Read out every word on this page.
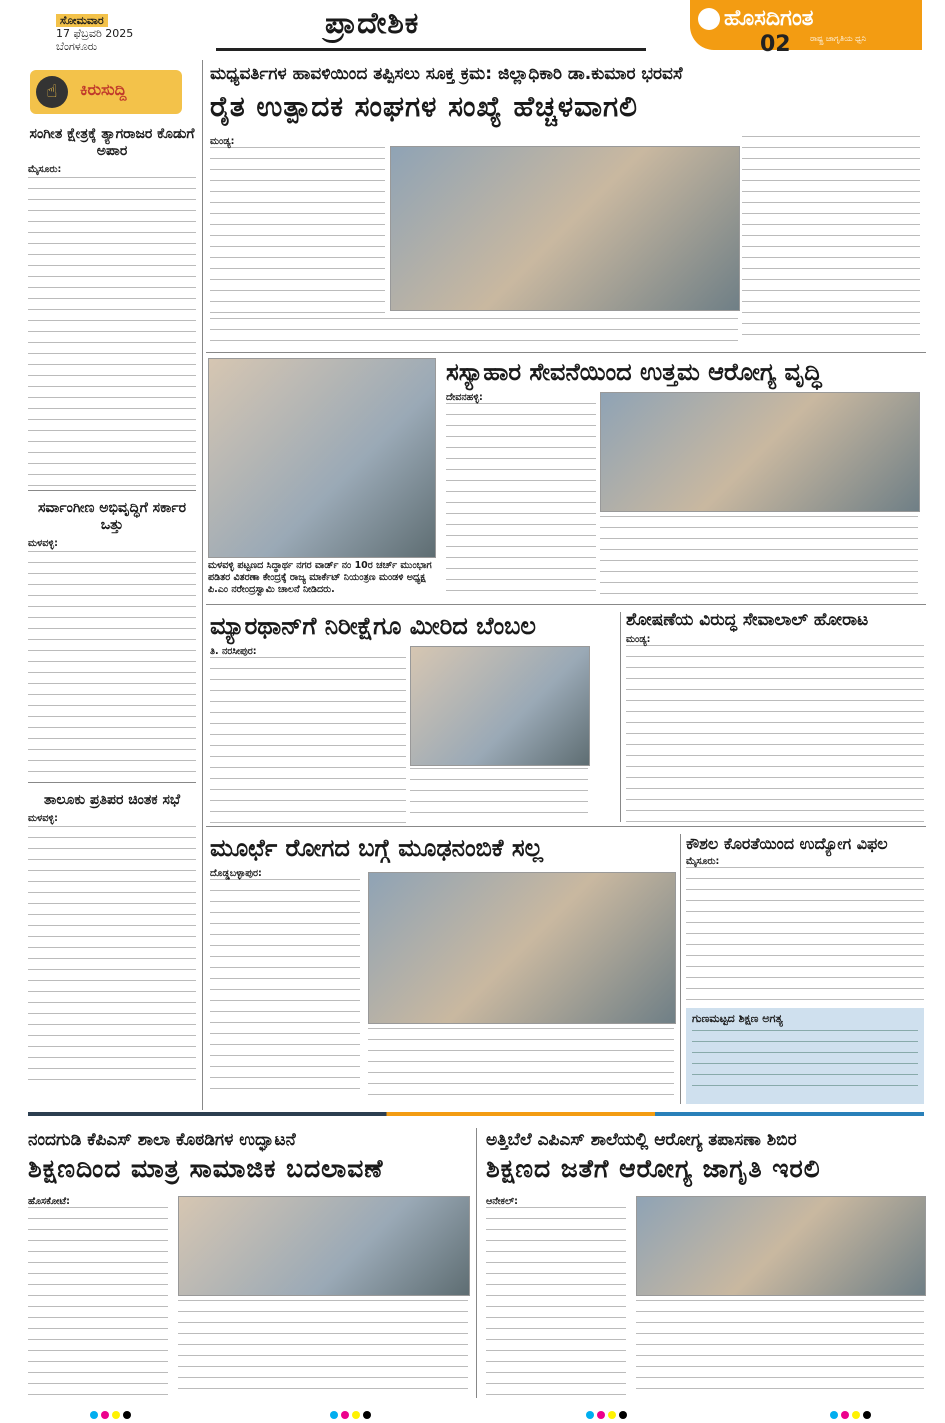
ಸೋಮವಾರ
17 ಫೆಬ್ರವರಿ 2025
ಬೆಂಗಳೂರು
ಪ್ರಾದೇಶಿಕ	ಹೊಸದಿಗಂತ
ರಾಷ್ಟ್ರ ಜಾಗೃತಿಯ ಧ್ವನಿ
02
☝	ಕಿರುಸುದ್ದಿ
ಸಂಗೀತ ಕ್ಷೇತ್ರಕ್ಕೆ ತ್ಯಾಗರಾಜರ ಕೊಡುಗೆ ಅಪಾರ
ಮೈಸೂರು:
ಸರ್ವಾಂಗೀಣ ಅಭಿವೃದ್ಧಿಗೆ ಸರ್ಕಾರ ಒತ್ತು
ಮಳವಳ್ಳಿ:
ತಾಲೂಕು ಪ್ರತಿಪರ ಚಿಂತಕ ಸಭೆ
ಮಳವಳ್ಳಿ:
ಮಧ್ಯವರ್ತಿಗಳ ಹಾವಳಿಯಿಂದ ತಪ್ಪಿಸಲು ಸೂಕ್ತ ಕ್ರಮ: ಜಿಲ್ಲಾಧಿಕಾರಿ ಡಾ.ಕುಮಾರ ಭರವಸೆ
ರೈತ ಉತ್ಪಾದಕ ಸಂಘಗಳ ಸಂಖ್ಯೆ ಹೆಚ್ಚಳವಾಗಲಿ
ಮಂಡ್ಯ:
ಮಳವಳ್ಳಿ ಪಟ್ಟಣದ ಸಿದ್ಧಾರ್ಥ ನಗರ ವಾರ್ಡ್ ನಂ 10ರ ಚರ್ಚ್ ಮುಂಭಾಗ ಪಡಿತರ ವಿತರಣಾ ಕೇಂದ್ರಕ್ಕೆ ರಾಜ್ಯ ಮಾರ್ಕೆಟ್ ನಿಯಂತ್ರಣ ಮಂಡಳಿ ಅಧ್ಯಕ್ಷ ಪಿ.ಎಂ ನರೇಂದ್ರಸ್ವಾಮಿ ಚಾಲನೆ ನೀಡಿದರು.
ಸಸ್ಯಾಹಾರ ಸೇವನೆಯಿಂದ ಉತ್ತಮ ಆರೋಗ್ಯ ವೃದ್ಧಿ
ದೇವನಹಳ್ಳಿ:
ಮ್ಯಾರಥಾನ್‌ಗೆ ನಿರೀಕ್ಷೆಗೂ ಮೀರಿದ ಬೆಂಬಲ
ತಿ. ನರಸೀಪುರ:
ಶೋಷಣೆಯ ವಿರುದ್ಧ ಸೇವಾಲಾಲ್ ಹೋರಾಟ
ಮಂಡ್ಯ:
ಮೂರ್ಛೆ ರೋಗದ ಬಗ್ಗೆ ಮೂಢನಂಬಿಕೆ ಸಲ್ಲ
ದೊಡ್ಡಬಳ್ಳಾಪುರ:
ಕೌಶಲ ಕೊರತೆಯಿಂದ ಉದ್ಯೋಗ ವಿಫಲ
ಮೈಸೂರು:
ಗುಣಮಟ್ಟದ ಶಿಕ್ಷಣ ಅಗತ್ಯ
ನಂದಗುಡಿ ಕೆಪಿಎಸ್ ಶಾಲಾ ಕೊಠಡಿಗಳ ಉದ್ಘಾಟನೆ
ಶಿಕ್ಷಣದಿಂದ ಮಾತ್ರ ಸಾಮಾಜಿಕ ಬದಲಾವಣೆ
ಹೊಸಕೋಟೆ:
ಅತ್ತಿಬೆಲೆ ಎಪಿಎಸ್ ಶಾಲೆಯಲ್ಲಿ ಆರೋಗ್ಯ ತಪಾಸಣಾ ಶಿಬಿರ
ಶಿಕ್ಷಣದ ಜತೆಗೆ ಆರೋಗ್ಯ ಜಾಗೃತಿ ಇರಲಿ
ಆನೇಕಲ್:
